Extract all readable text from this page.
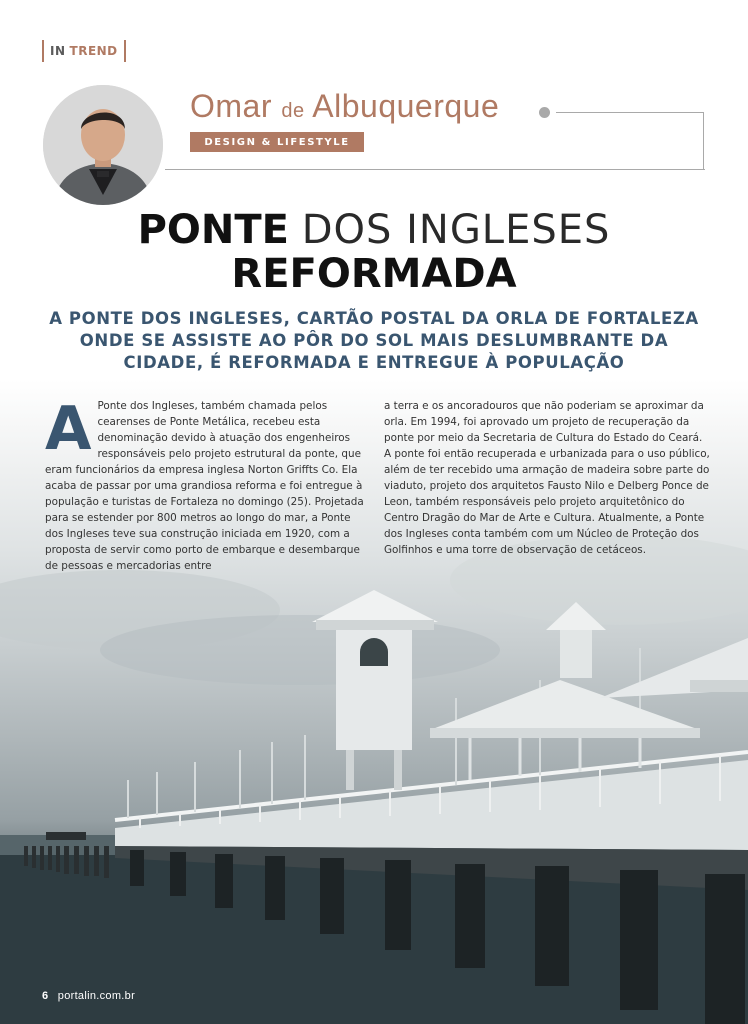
IN TREND
Omar de Albuquerque
DESIGN & LIFESTYLE
PONTE DOS INGLESES
REFORMADA
A PONTE DOS INGLESES, CARTÃO POSTAL DA ORLA DE FORTALEZA ONDE SE ASSISTE AO PÔR DO SOL MAIS DESLUMBRANTE DA CIDADE, É REFORMADA E ENTREGUE À POPULAÇÃO
A Ponte dos Ingleses, também chamada pelos cearenses de Ponte Metálica, recebeu esta denominação devido à atuação dos engenheiros responsáveis pelo projeto estrutural da ponte, que eram funcionários da empresa inglesa Norton Griffts Co. Ela acaba de passar por uma grandiosa reforma e foi entregue à população e turistas de Fortaleza no domingo (25). Projetada para se estender por 800 metros ao longo do mar, a Ponte dos Ingleses teve sua construção iniciada em 1920, com a proposta de servir como porto de embarque e desembarque de pessoas e mercadorias entre
a terra e os ancoradouros que não poderiam se aproximar da orla. Em 1994, foi aprovado um projeto de recuperação da ponte por meio da Secretaria de Cultura do Estado do Ceará. A ponte foi então recuperada e urbanizada para o uso público, além de ter recebido uma armação de madeira sobre parte do viaduto, projeto dos arquitetos Fausto Nilo e Delberg Ponce de Leon, também responsáveis pelo projeto arquitetônico do Centro Dragão do Mar de Arte e Cultura. Atualmente, a Ponte dos Ingleses conta também com um Núcleo de Proteção dos Golfinhos e uma torre de observação de cetáceos.
6 portalin.com.br
